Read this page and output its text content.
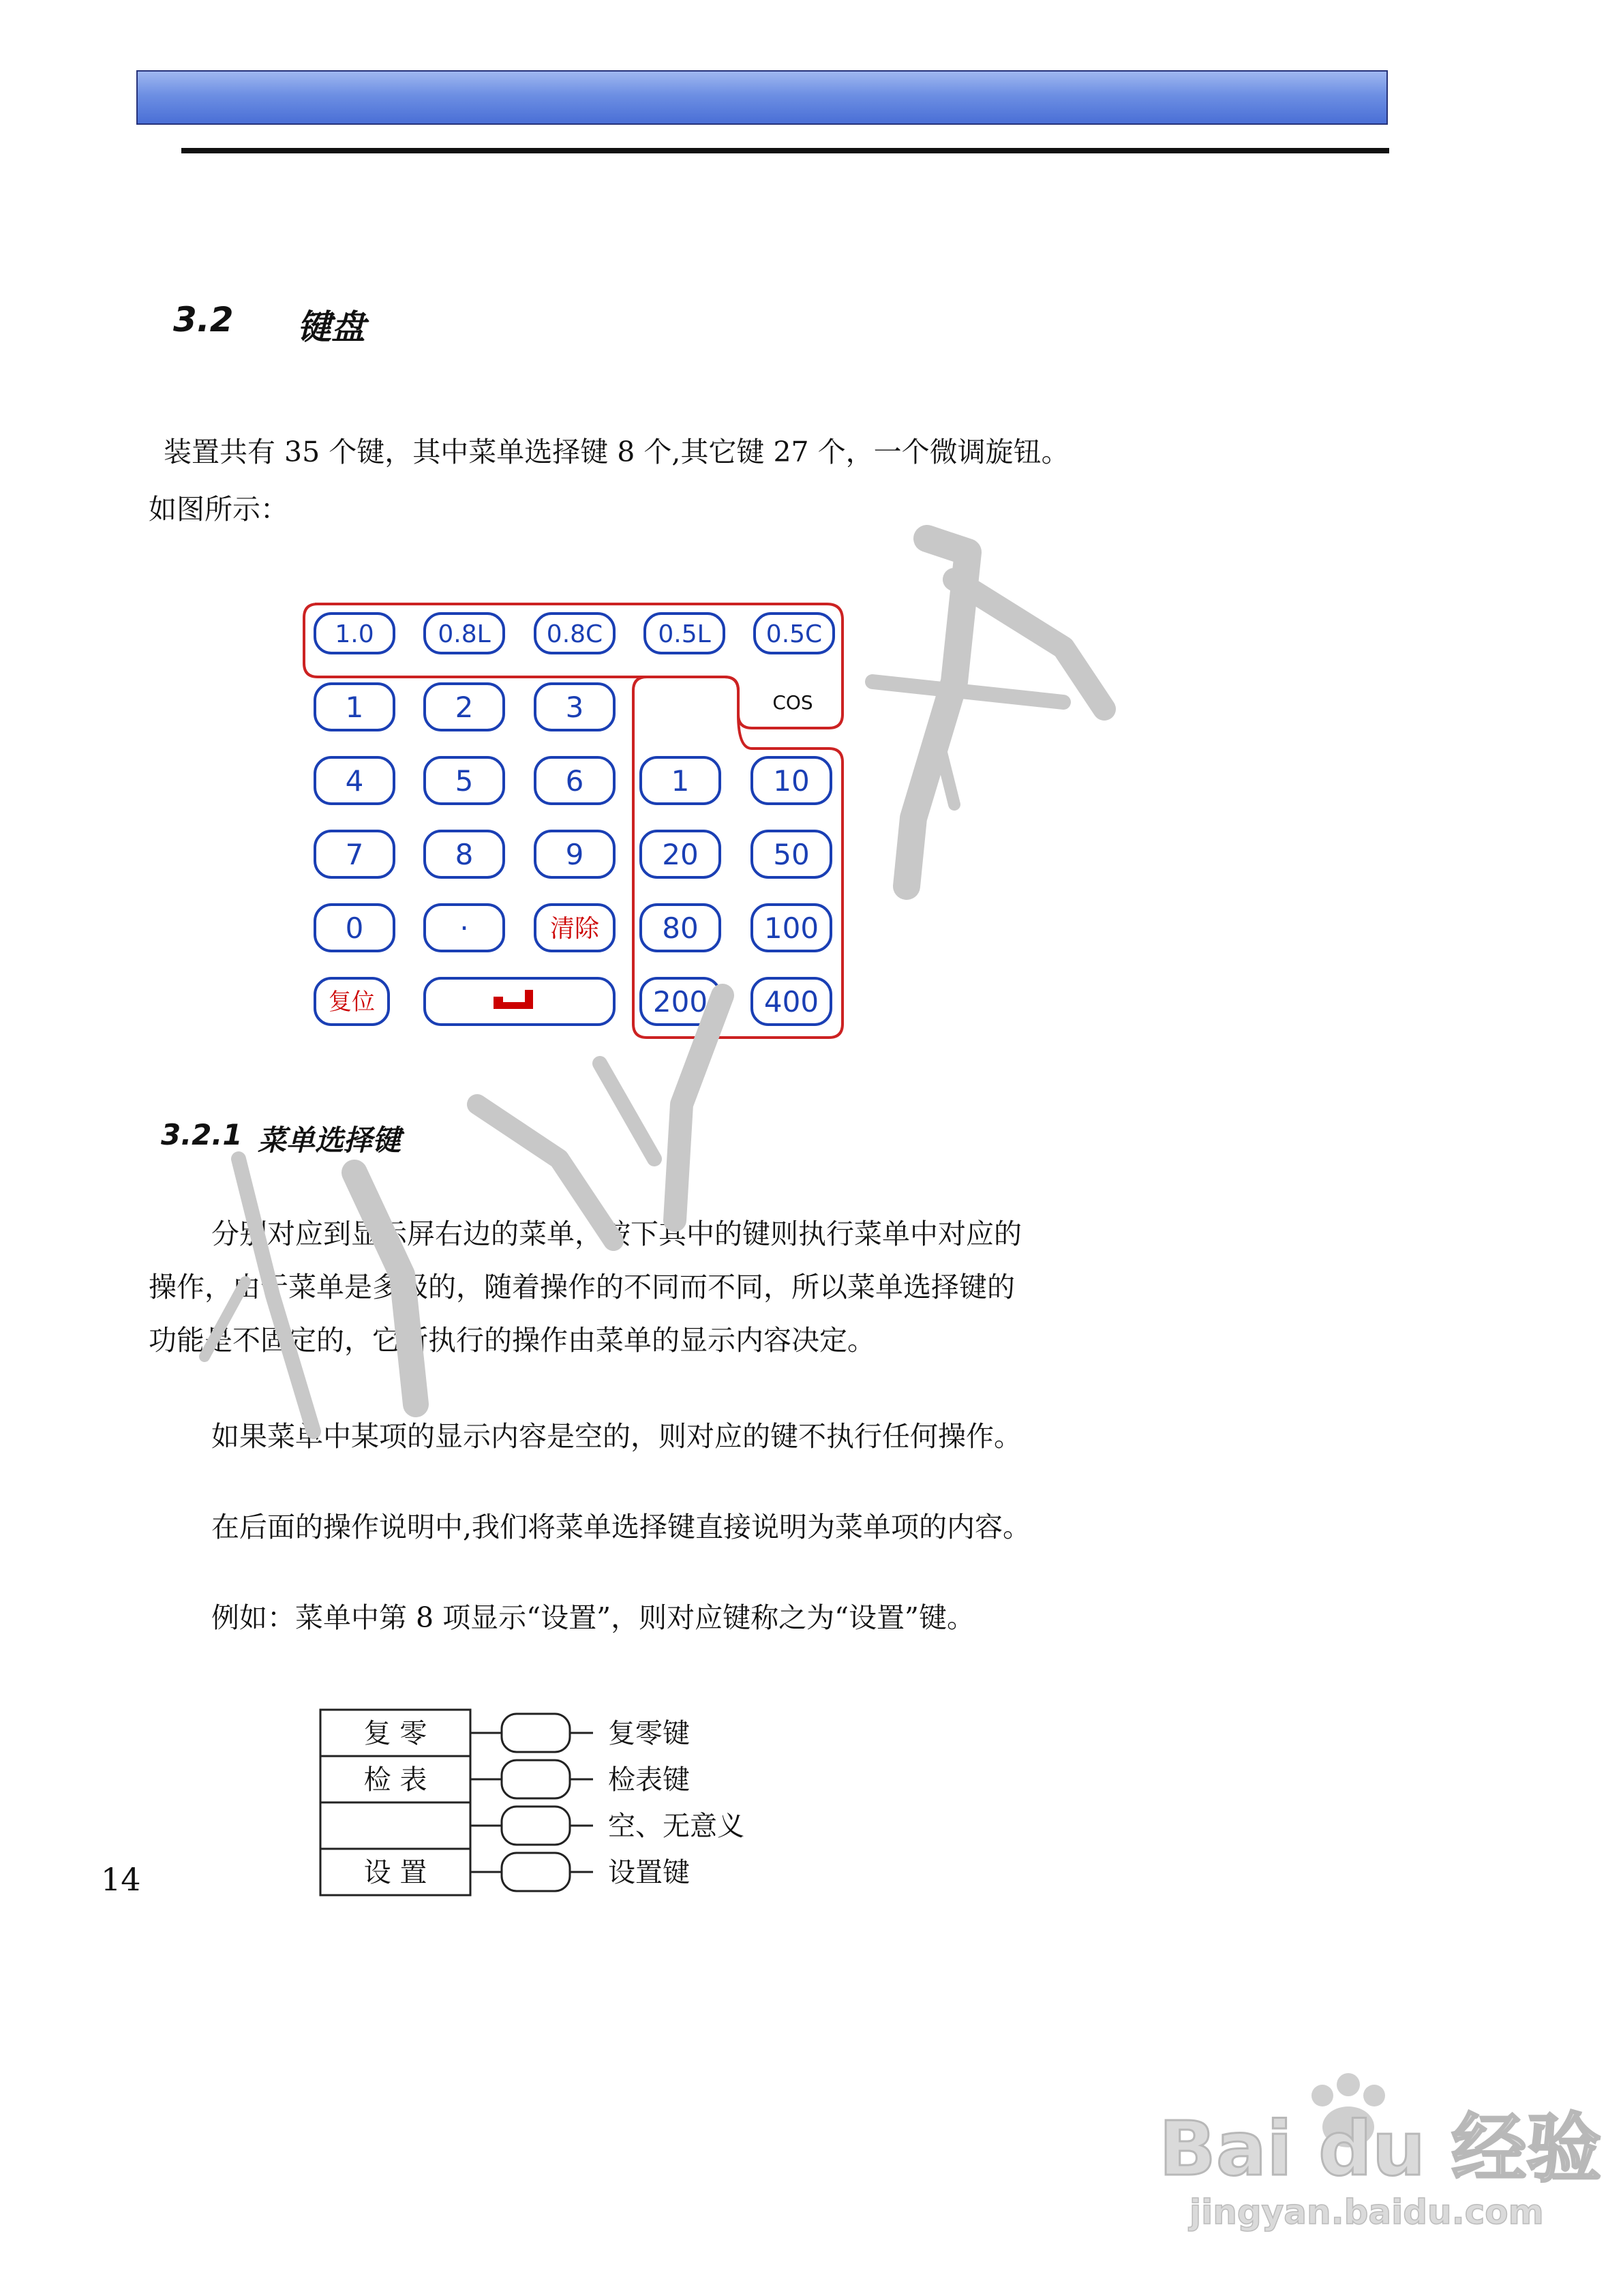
3.2 键盘
装置共有 35 个键，其中菜单选择键 8 个,其它键 27 个，一个微调旋钮。
如图所示：
1.0	0.8L 0.8C 0.5L 0.5C
1	2	3
4	5	6
7	8	9
0	·	清除
1	10
20	50
80 100
200 400
复位
COS
3.2.1 菜单选择键
分别对应到显示屏右边的菜单，按下其中的键则执行菜单中对应的
操作，由于菜单是多级的，随着操作的不同而不同，所以菜单选择键的
功能是不固定的，它所执行的操作由菜单的显示内容决定。
如果菜单中某项的显示内容是空的，则对应的键不执行任何操作。
在后面的操作说明中,我们将菜单选择键直接说明为菜单项的内容。
例如：菜单中第 8 项显示“设置”，则对应键称之为“设置”键。
复 零	复零键
检 表	检表键
空、无意义
设 置	设置键
14
Bai du 经验
jingyan.baidu.com
